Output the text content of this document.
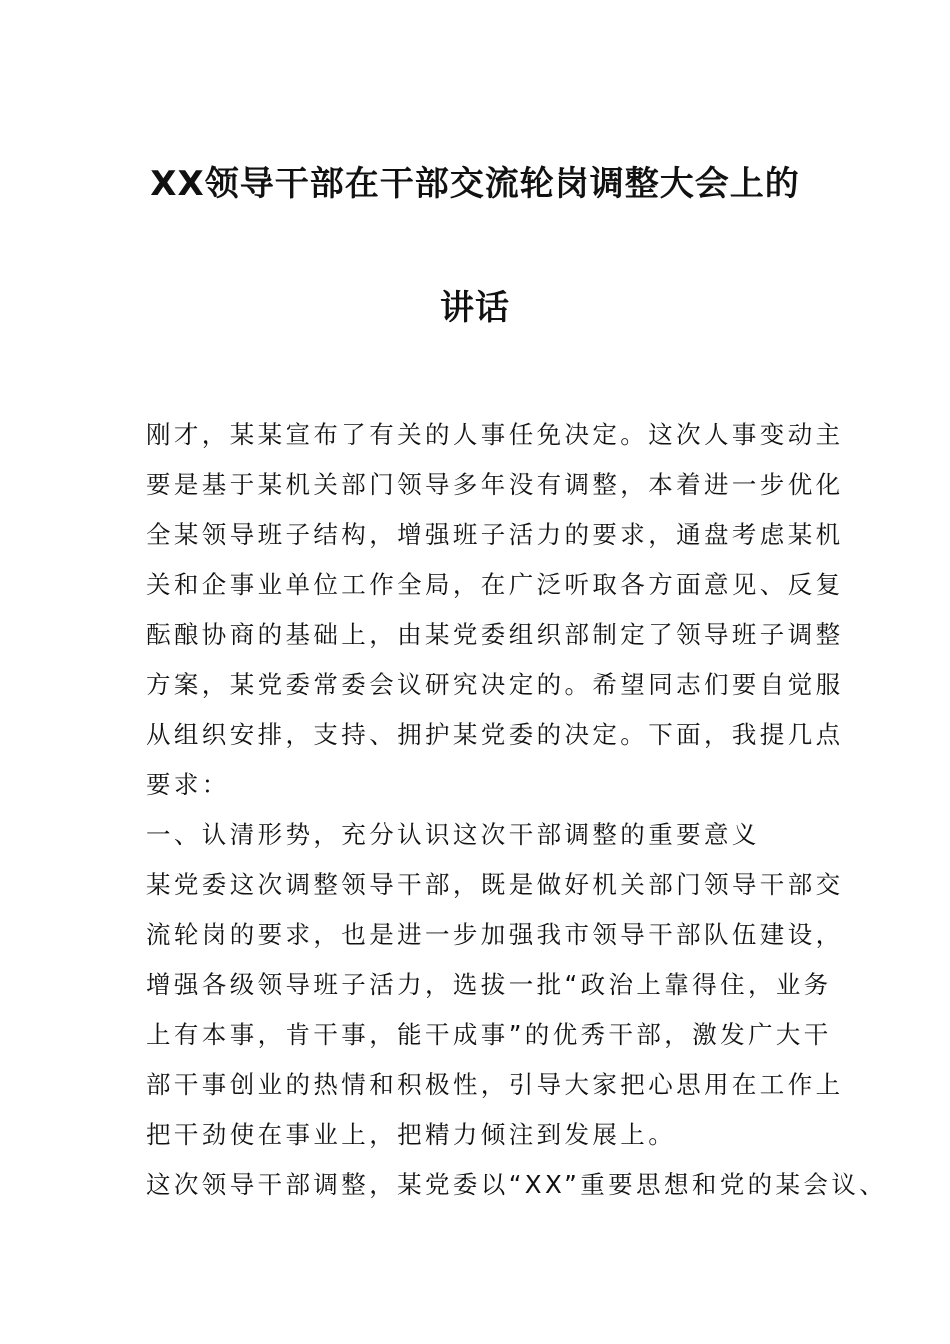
XX领导干部在干部交流轮岗调整大会上的
讲话
刚才，某某宣布了有关的人事任免决定。这次人事变动主
要是基于某机关部门领导多年没有调整，本着进一步优化
全某领导班子结构，增强班子活力的要求，通盘考虑某机
关和企事业单位工作全局，在广泛听取各方面意见、反复
酝酿协商的基础上，由某党委组织部制定了领导班子调整
方案，某党委常委会议研究决定的。希望同志们要自觉服
从组织安排，支持、拥护某党委的决定。下面，我提几点
要求：
一、认清形势，充分认识这次干部调整的重要意义
某党委这次调整领导干部，既是做好机关部门领导干部交
流轮岗的要求，也是进一步加强我市领导干部队伍建设，
增强各级领导班子活力，选拔一批“政治上靠得住，业务
上有本事，肯干事，能干成事”的优秀干部，激发广大干
部干事创业的热情和积极性，引导大家把心思用在工作上
把干劲使在事业上，把精力倾注到发展上。
这次领导干部调整，某党委以“XX”重要思想和党的某会议、
